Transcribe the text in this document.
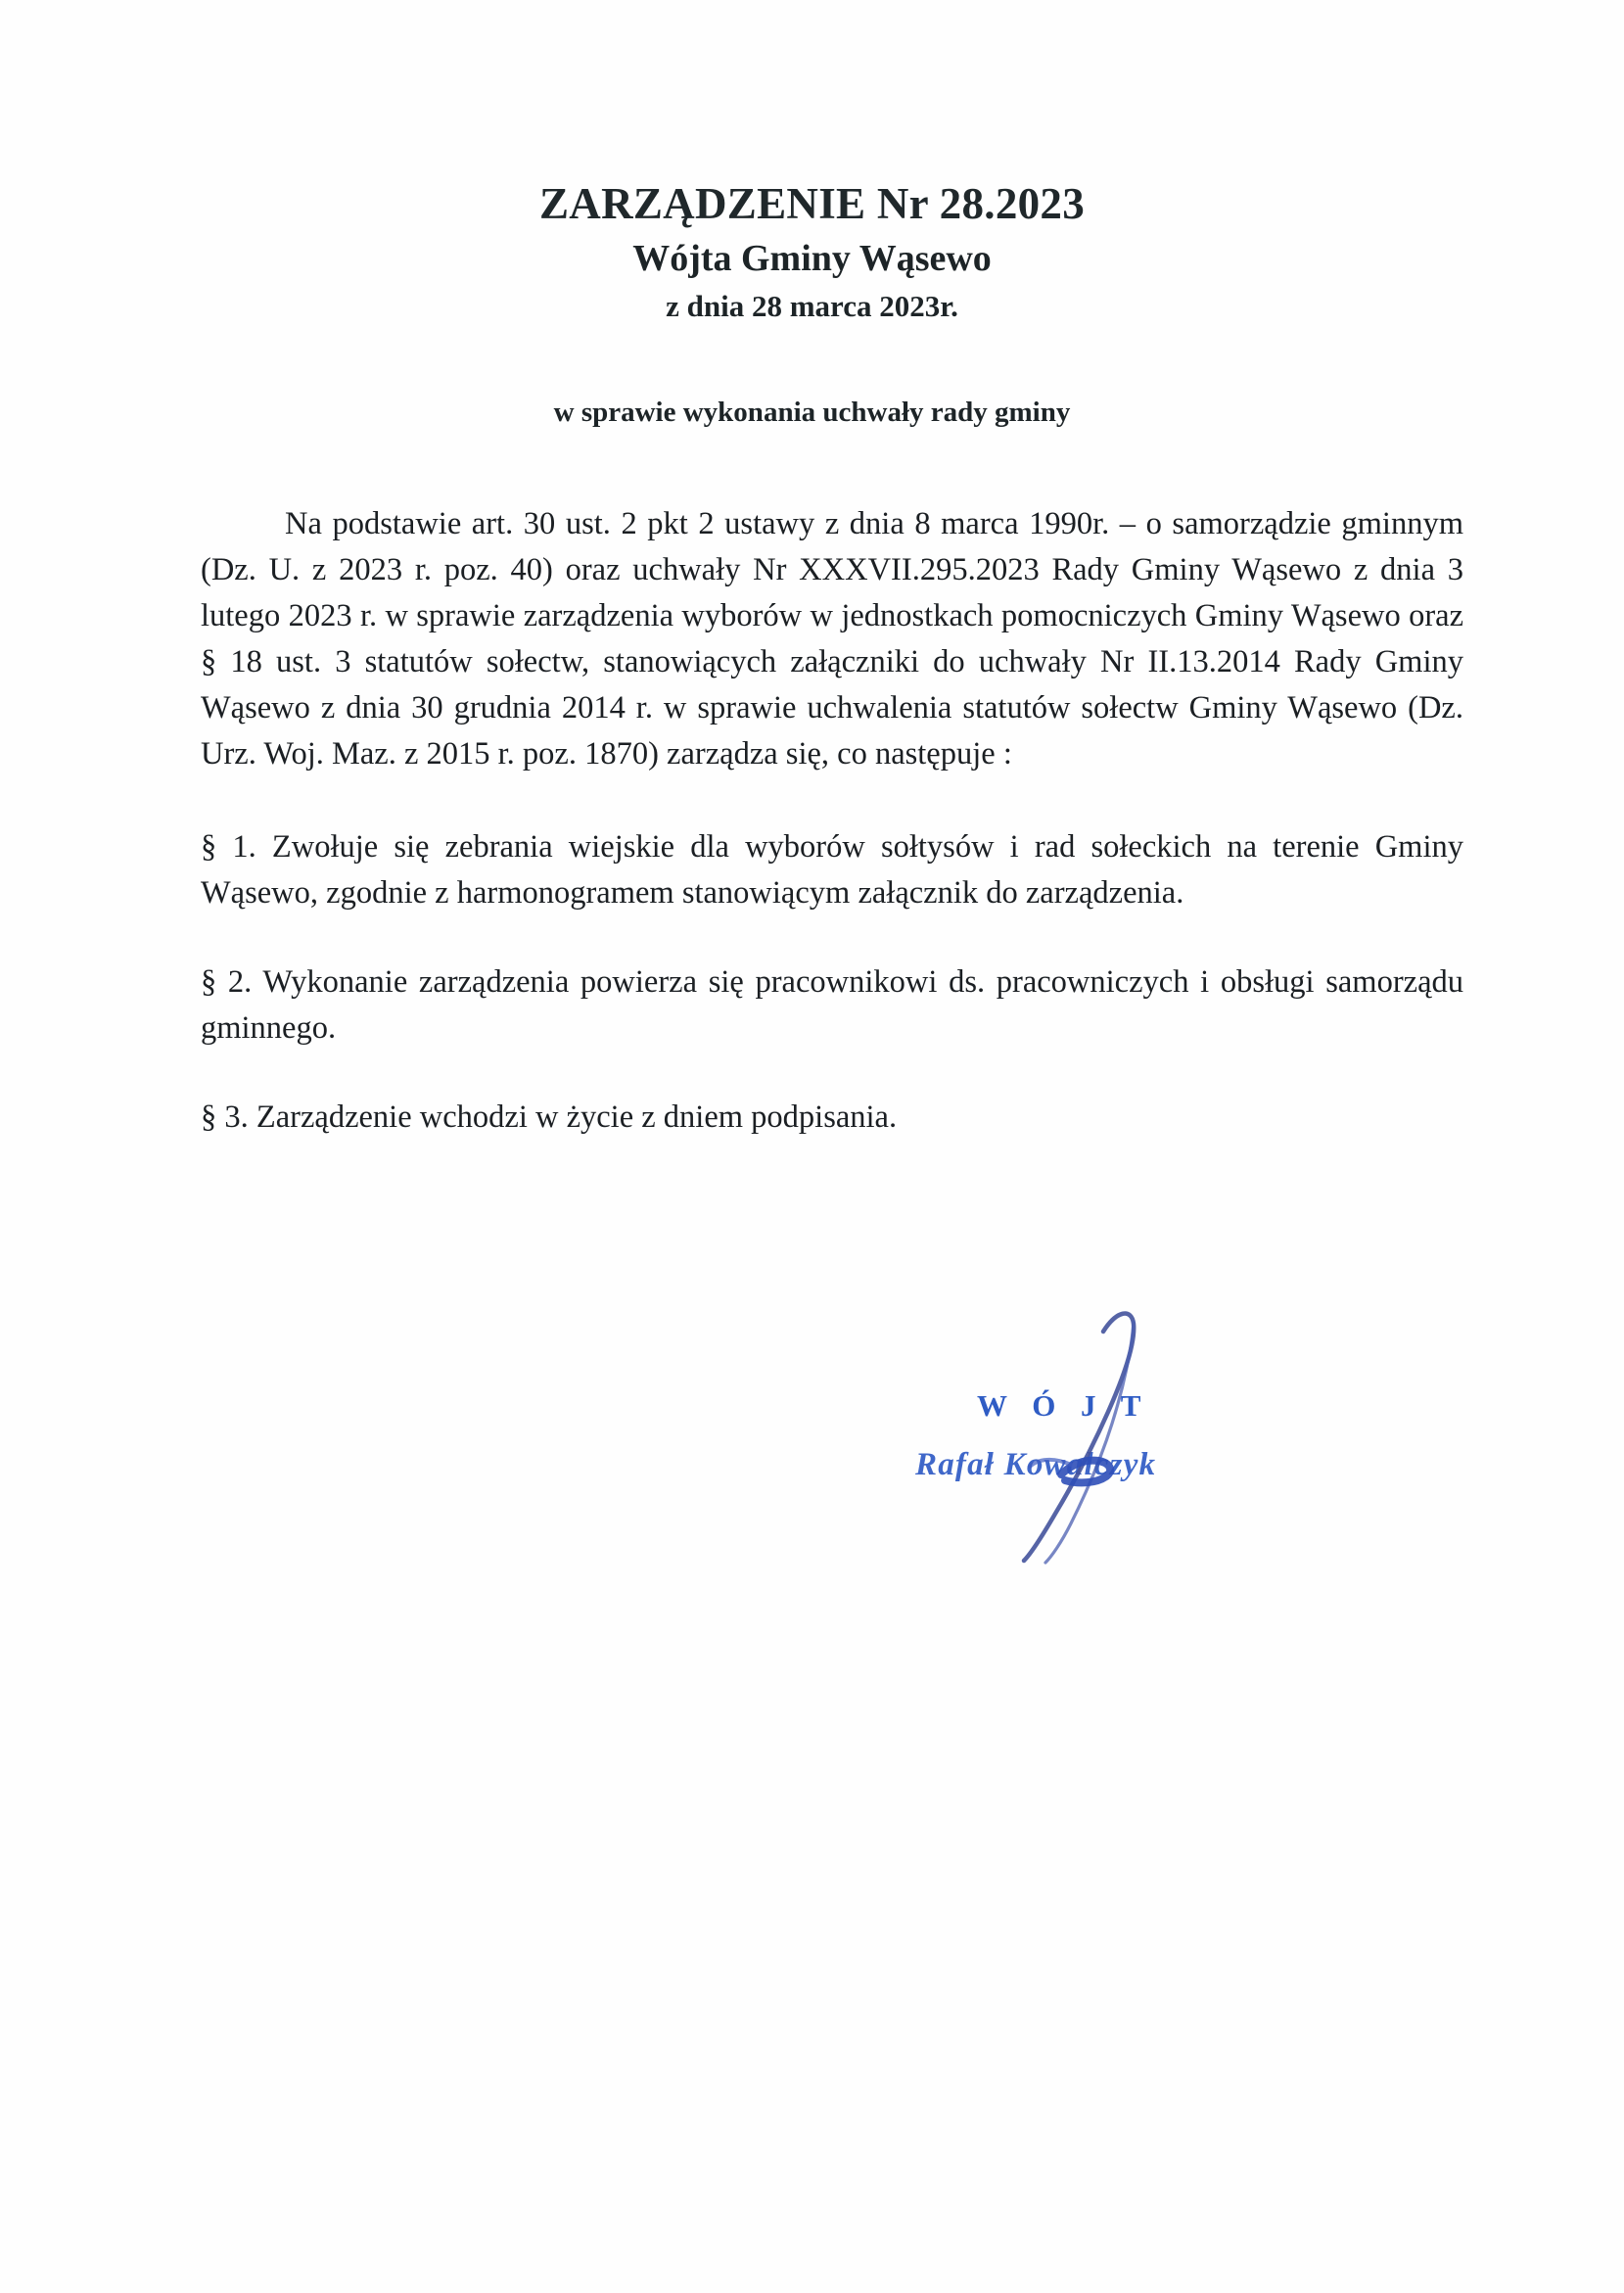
ZARZĄDZENIE Nr 28.2023
Wójta Gminy Wąsewo
z dnia 28 marca 2023r.
w sprawie wykonania uchwały rady gminy

Na podstawie art. 30 ust. 2 pkt 2 ustawy z dnia 8 marca 1990r. – o samorządzie gminnym (Dz. U. z 2023 r. poz. 40) oraz uchwały Nr XXXVII.295.2023 Rady Gminy Wąsewo z dnia 3 lutego 2023 r. w sprawie zarządzenia wyborów w jednostkach pomocniczych Gminy Wąsewo oraz § 18 ust. 3 statutów sołectw, stanowiących załączniki do uchwały Nr II.13.2014 Rady Gminy Wąsewo z dnia 30 grudnia 2014 r. w sprawie uchwalenia statutów sołectw Gminy Wąsewo (Dz. Urz. Woj. Maz. z 2015 r. poz. 1870) zarządza się, co następuje :

§ 1. Zwołuje się zebrania wiejskie dla wyborów sołtysów i rad sołeckich na terenie Gminy Wąsewo, zgodnie z harmonogramem stanowiącym załącznik do zarządzenia.

§ 2. Wykonanie zarządzenia powierza się pracownikowi ds. pracowniczych i obsługi samorządu gminnego.

§ 3. Zarządzenie wchodzi w życie z dniem podpisania.

W Ó J T
Rafał Kowalczyk
